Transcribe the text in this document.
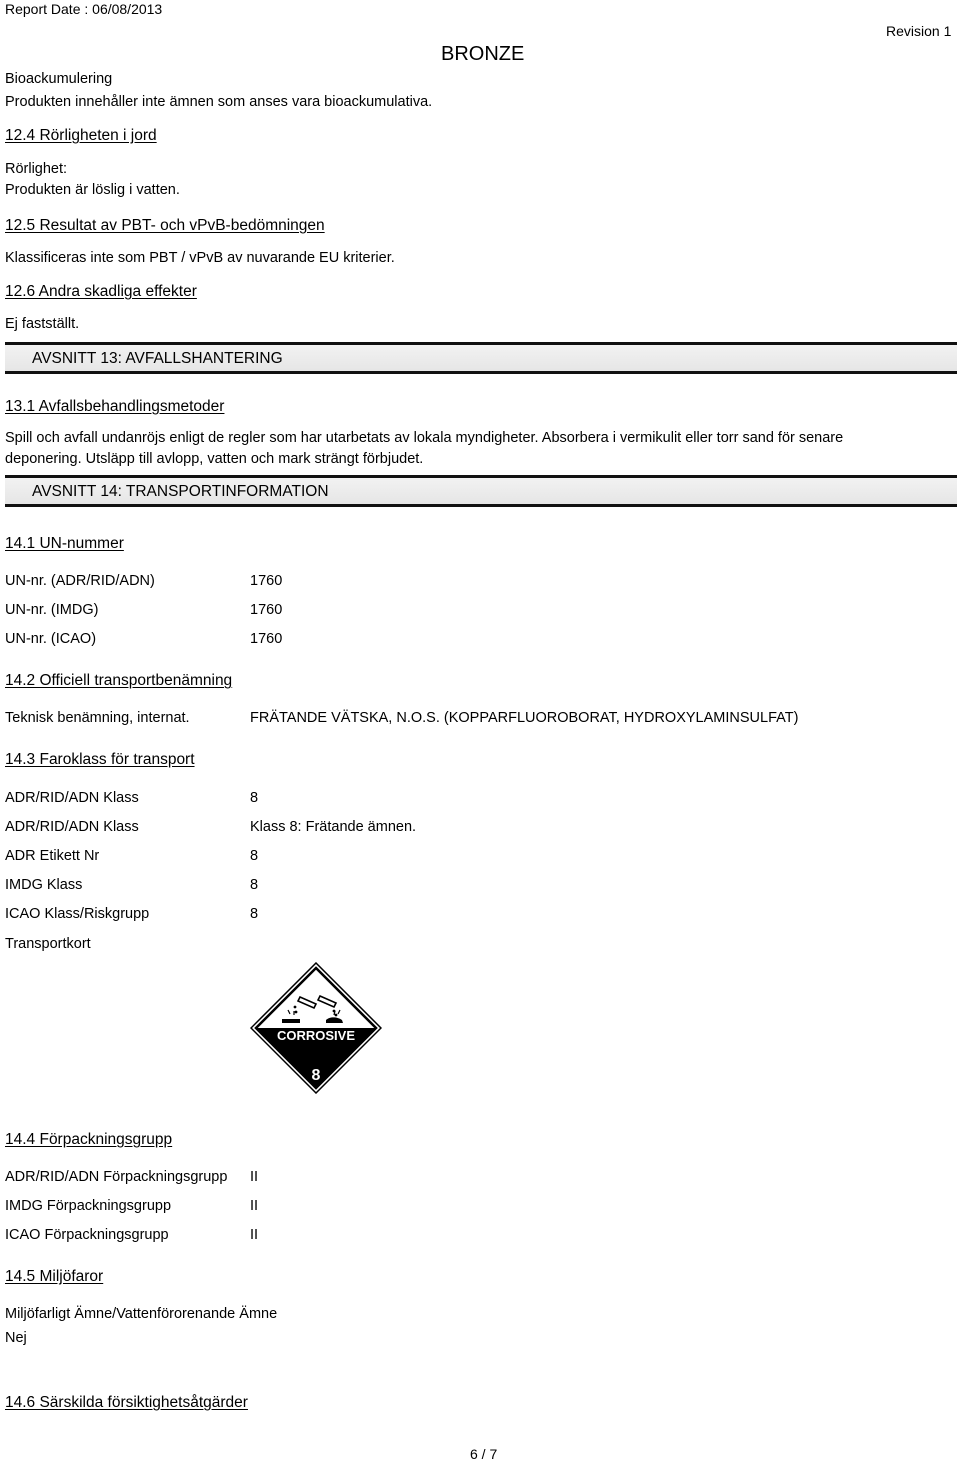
Report Date : 06/08/2013
BRONZE
Revision 1
Bioackumulering
Produkten innehåller inte ämnen som anses vara bioackumulativa.
12.4 Rörligheten i jord
Rörlighet:
Produkten är löslig i vatten.
12.5 Resultat av PBT- och vPvB-bedömningen
Klassificeras inte som PBT / vPvB av nuvarande EU kriterier.
12.6 Andra skadliga effekter
Ej fastställt.
AVSNITT 13: AVFALLSHANTERING
13.1 Avfallsbehandlingsmetoder
Spill och avfall undanröjs enligt de regler som har utarbetats av lokala myndigheter. Absorbera i vermikulit eller torr sand för senare
deponering. Utsläpp till avlopp, vatten och mark strängt förbjudet.
AVSNITT 14: TRANSPORTINFORMATION
14.1 UN-nummer
UN-nr. (ADR/RID/ADN)	1760
UN-nr. (IMDG)	1760
UN-nr. (ICAO)	1760
14.2 Officiell transportbenämning
Teknisk benämning, internat.	FRÄTANDE VÄTSKA, N.O.S. (KOPPARFLUOROBORAT, HYDROXYLAMINSULFAT)
14.3 Faroklass för transport
ADR/RID/ADN Klass	8
ADR/RID/ADN Klass	Klass 8: Frätande ämnen.
ADR Etikett Nr	8
IMDG Klass	8
ICAO Klass/Riskgrupp	8
Transportkort
CORROSIVE
8
14.4 Förpackningsgrupp
ADR/RID/ADN Förpackningsgrupp II
IMDG Förpackningsgrupp	II
ICAO Förpackningsgrupp	II
14.5 Miljöfaror
Miljöfarligt Ämne/Vattenförorenande Ämne
Nej
14.6 Särskilda försiktighetsåtgärder
6 / 7
